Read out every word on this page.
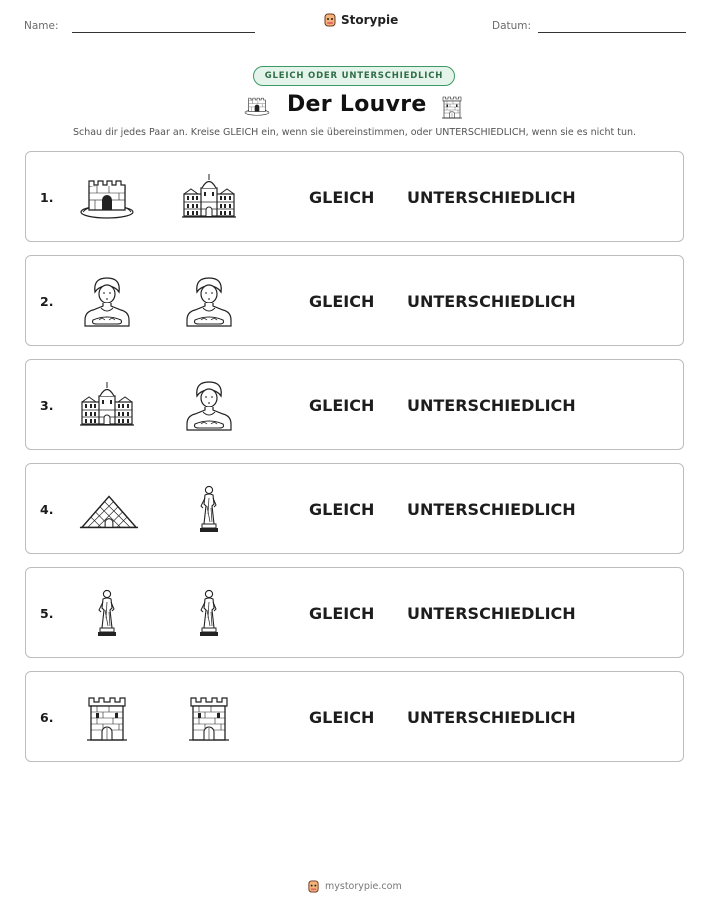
Name:	Storypie	Datum:
GLEICH ODER UNTERSCHIEDLICH
Der Louvre
Schau dir jedes Paar an. Kreise GLEICH ein, wenn sie übereinstimmen, oder UNTERSCHIEDLICH, wenn sie es nicht tun.
1.	GLEICH UNTERSCHIEDLICH
2.	GLEICH UNTERSCHIEDLICH
3.	GLEICH UNTERSCHIEDLICH
4.	GLEICH UNTERSCHIEDLICH
5.	GLEICH UNTERSCHIEDLICH
6.	GLEICH UNTERSCHIEDLICH
mystorypie.com
